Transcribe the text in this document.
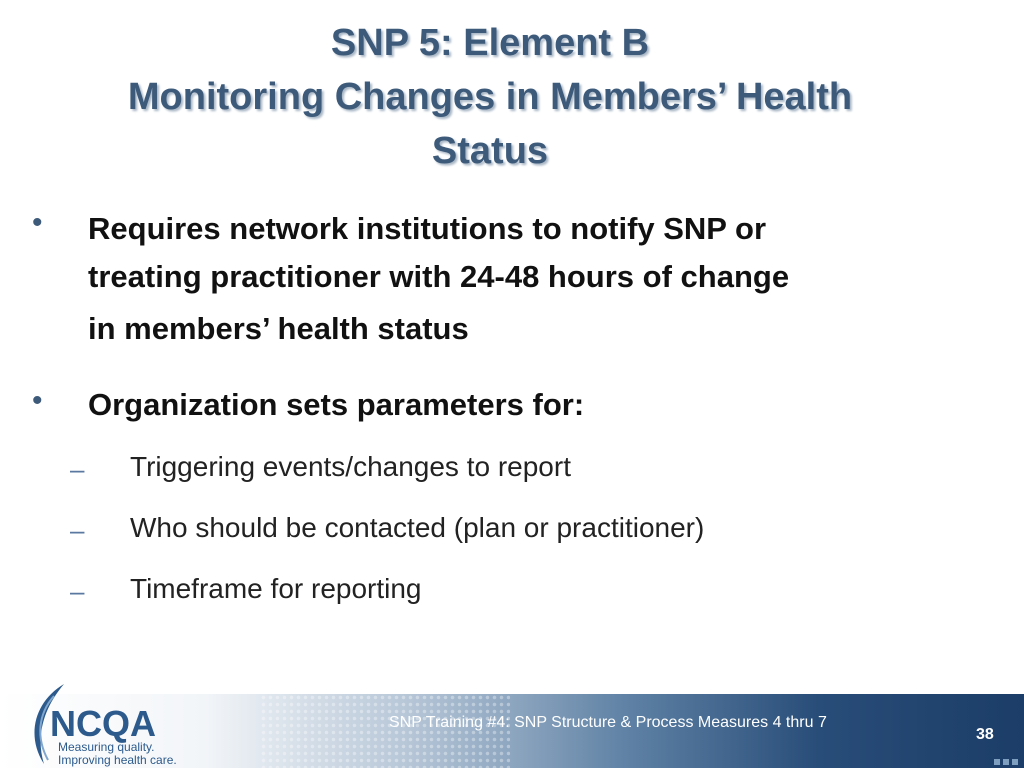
SNP 5: Element B
Monitoring Changes in Members’ Health
Status
• Requires network institutions to notify SNP or
treating practitioner with 24-48 hours of change
in members’ health status
• Organization sets parameters for:
– Triggering events/changes to report
– Who should be contacted (plan or practitioner)
– Timeframe for reporting
NCQA
Measuring quality.
Improving health care.
SNP Training #4: SNP Structure & Process Measures 4 thru 7
38
